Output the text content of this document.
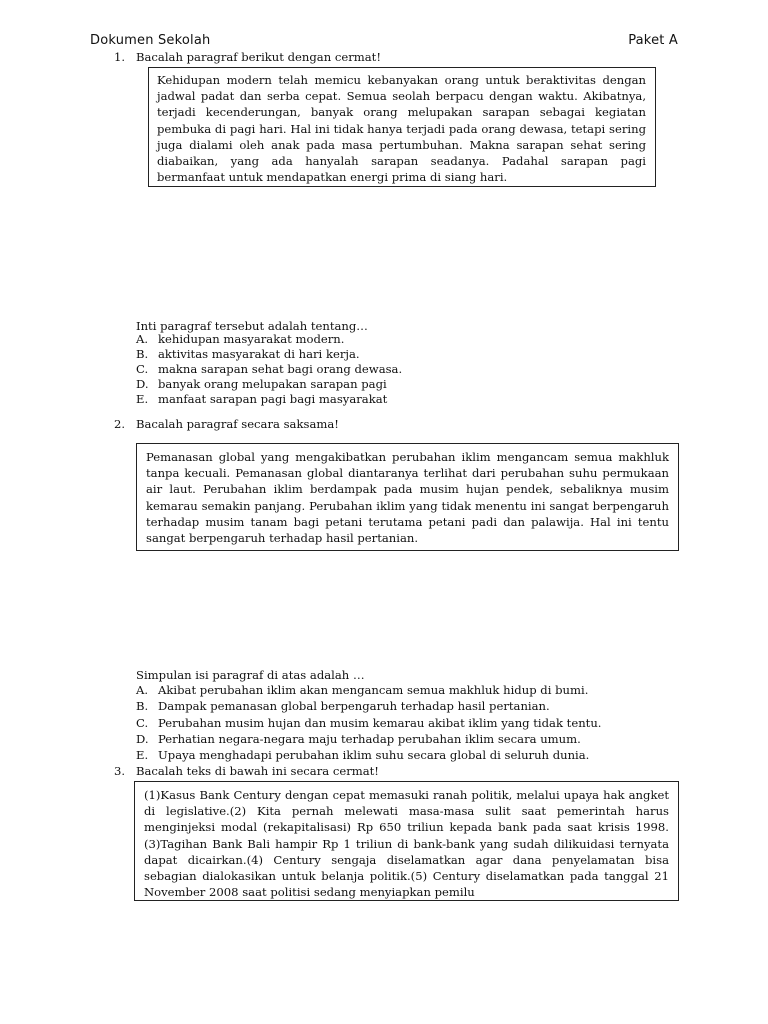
Dokumen Sekolah	Paket A
1. Bacalah paragraf berikut dengan cermat!
Kehidupan modern telah memicu kebanyakan orang untuk beraktivitas dengan jadwal padat dan serba cepat. Semua seolah berpacu dengan waktu. Akibatnya, terjadi kecenderungan, banyak orang melupakan sarapan sebagai kegiatan pembuka di pagi hari. Hal ini tidak hanya terjadi pada orang dewasa, tetapi sering juga dialami oleh anak pada masa pertumbuhan. Makna sarapan sehat sering diabaikan, yang ada hanyalah sarapan seadanya. Padahal sarapan pagi bermanfaat untuk mendapatkan energi prima di siang hari.
Inti paragraf tersebut adalah tentang…
A. kehidupan masyarakat modern.
B. aktivitas masyarakat di hari kerja.
C. makna sarapan sehat bagi orang dewasa.
D. banyak orang melupakan sarapan pagi
E. manfaat sarapan pagi bagi masyarakat
2. Bacalah paragraf secara saksama!
Pemanasan global yang mengakibatkan perubahan iklim mengancam semua makhluk tanpa kecuali. Pemanasan global diantaranya terlihat dari perubahan suhu permukaan air laut. Perubahan iklim berdampak pada musim hujan pendek, sebaliknya musim kemarau semakin panjang. Perubahan iklim yang tidak menentu ini sangat berpengaruh terhadap musim tanam bagi petani terutama petani padi dan palawija. Hal ini tentu sangat berpengaruh terhadap hasil pertanian.
Simpulan isi paragraf di atas adalah …
A. Akibat perubahan iklim akan mengancam semua makhluk hidup di bumi.
B. Dampak pemanasan global berpengaruh terhadap hasil pertanian.
C. Perubahan musim hujan dan musim kemarau akibat iklim yang tidak tentu.
D. Perhatian negara-negara maju terhadap perubahan iklim secara umum.
E. Upaya menghadapi perubahan iklim suhu secara global di seluruh dunia.
3. Bacalah teks di bawah ini secara cermat!
(1)Kasus Bank Century dengan cepat memasuki ranah politik, melalui upaya hak angket di legislative.(2) Kita pernah melewati masa-masa sulit saat pemerintah harus menginjeksi modal (rekapitalisasi) Rp 650 triliun kepada bank pada saat krisis 1998.(3)Tagihan Bank Bali hampir Rp 1 triliun di bank-bank yang sudah dilikuidasi ternyata dapat dicairkan.(4) Century sengaja diselamatkan agar dana penyelamatan bisa sebagian dialokasikan untuk belanja politik.(5) Century diselamatkan pada tanggal 21 November 2008 saat politisi sedang menyiapkan pemilu
